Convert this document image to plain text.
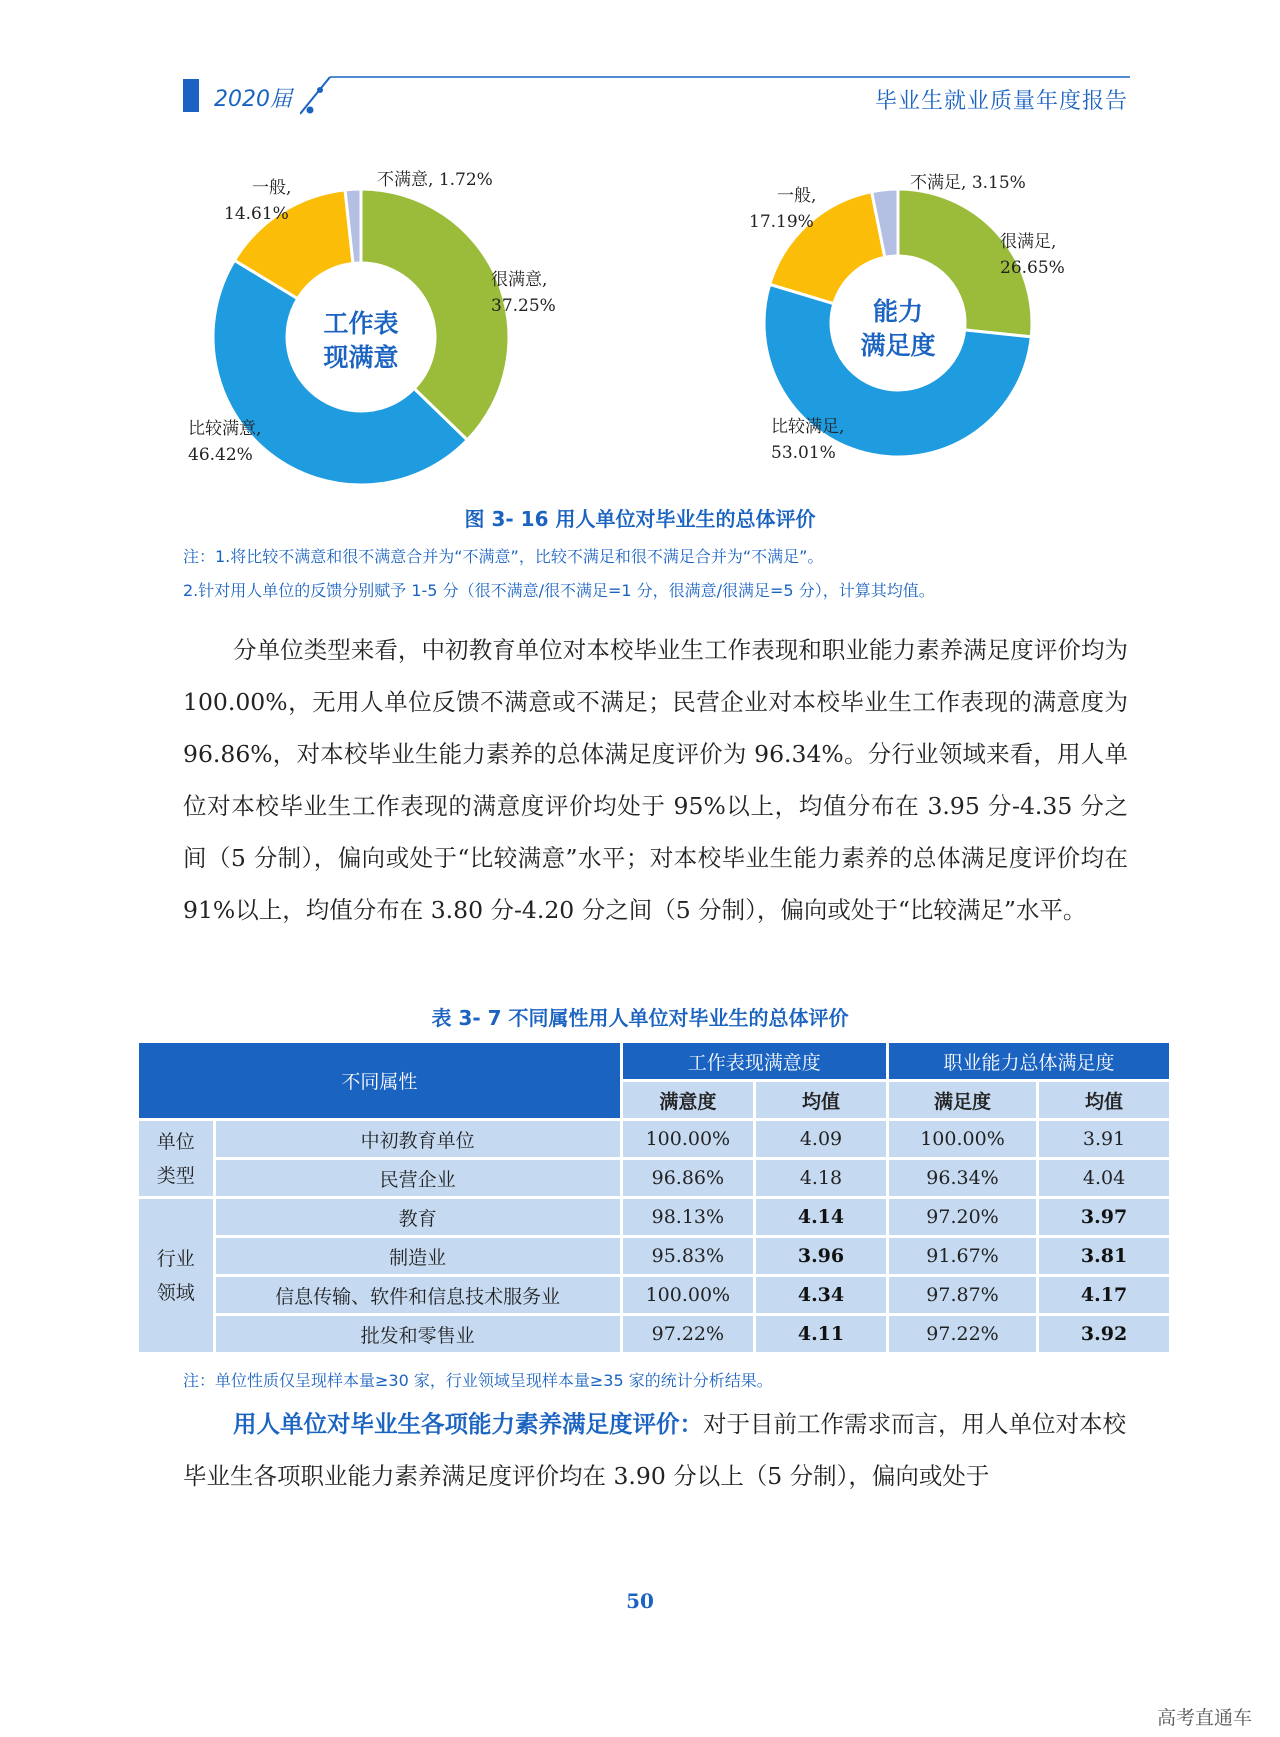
2020届	毕业生就业质量年度报告
工作表
现满意
不满意, 1.72%
一般,
14.61%
很满意,
37.25%
比较满意,
46.42%
能力
满足度
不满足, 3.15%
一般,
17.19%
很满足,
26.65%
比较满足,
53.01%
图 3- 16 用人单位对毕业生的总体评价
注：1.将比较不满意和很不满意合并为“不满意”，比较不满足和很不满足合并为“不满足”。
2.针对用人单位的反馈分别赋予 1-5 分（很不满意/很不满足=1 分，很满意/很满足=5 分），计算其均值。
分单位类型来看，中初教育单位对本校毕业生工作表现和职业能力素养满足度评价均为 100.00%，无用人单位反馈不满意或不满足；民营企业对本校毕业生工作表现的满意度为 96.86%，对本校毕业生能力素养的总体满足度评价为 96.34%。分行业领域来看，用人单位对本校毕业生工作表现的满意度评价均处于 95%以上，均值分布在 3.95 分-4.35 分之间（5 分制），偏向或处于“比较满意”水平；对本校毕业生能力素养的总体满足度评价均在 91%以上，均值分布在 3.80 分-4.20 分之间（5 分制），偏向或处于“比较满足”水平。
表 3- 7 不同属性用人单位对毕业生的总体评价
不同属性		工作表现满意度		职业能力总体满足度	
		满意度	均值	满足度	均值

单位类型	中初教育单位	100.00%	4.09	100.00%	3.91
	民营企业	96.86%	4.18	96.34%	4.04

行业领域	教育	98.13%	4.14	97.20%	3.97
	制造业	95.83%	3.96	91.67%	3.81
	信息传输、软件和信息技术服务业	100.00%	4.34	97.87%	4.17
	批发和零售业	97.22%	4.11	97.22%	3.92
注：单位性质仅呈现样本量≥30 家，行业领域呈现样本量≥35 家的统计分析结果。
用人单位对毕业生各项能力素养满足度评价：对于目前工作需求而言，用人单位对本校毕业生各项职业能力素养满足度评价均在 3.90 分以上（5 分制），偏向或处于
50
高考直通车
